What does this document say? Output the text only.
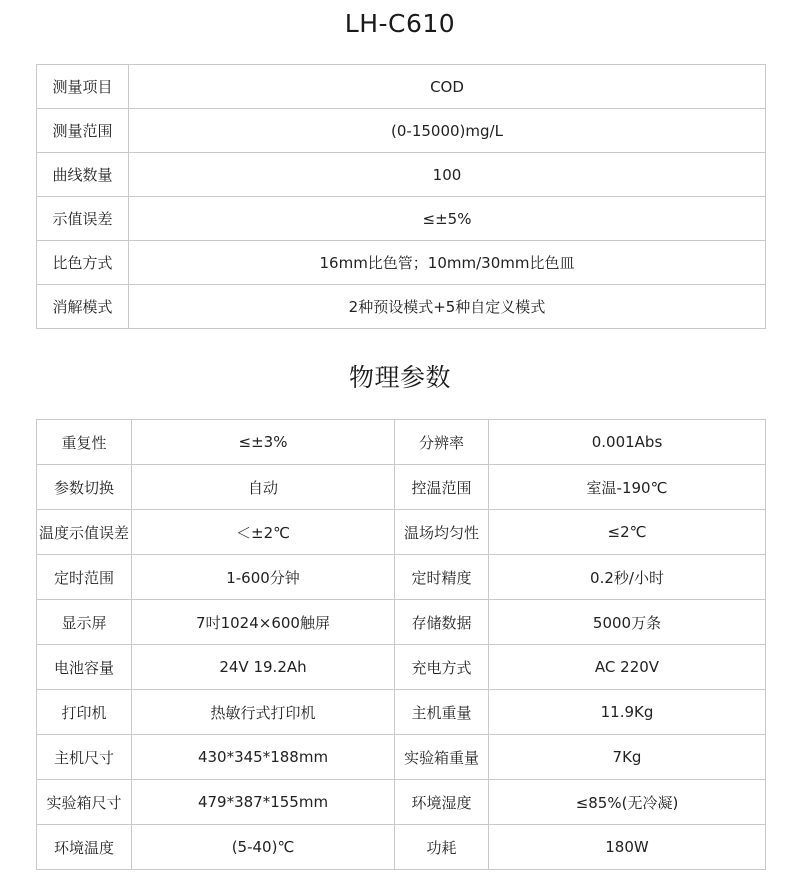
LH-C610
测量项目	COD
测量范围	(0-15000)mg/L
曲线数量	100
示值误差	≤±5%
比色方式	16mm比色管；10mm/30mm比色皿
消解模式	2种预设模式+5种自定义模式
物理参数
重复性	≤±3%	分辨率	0.001Abs
参数切换	自动	控温范围	室温-190℃
温度示值误差	＜±2℃	温场均匀性	≤2℃
定时范围	1-600分钟	定时精度	0.2秒/小时
显示屏	7吋1024×600触屏	存储数据	5000万条
电池容量	24V 19.2Ah	充电方式	AC 220V
打印机	热敏行式打印机	主机重量	11.9Kg
主机尺寸	430*345*188mm	实验箱重量	7Kg
实验箱尺寸	479*387*155mm	环境湿度	≤85%(无冷凝)
环境温度	(5-40)℃	功耗	180W
